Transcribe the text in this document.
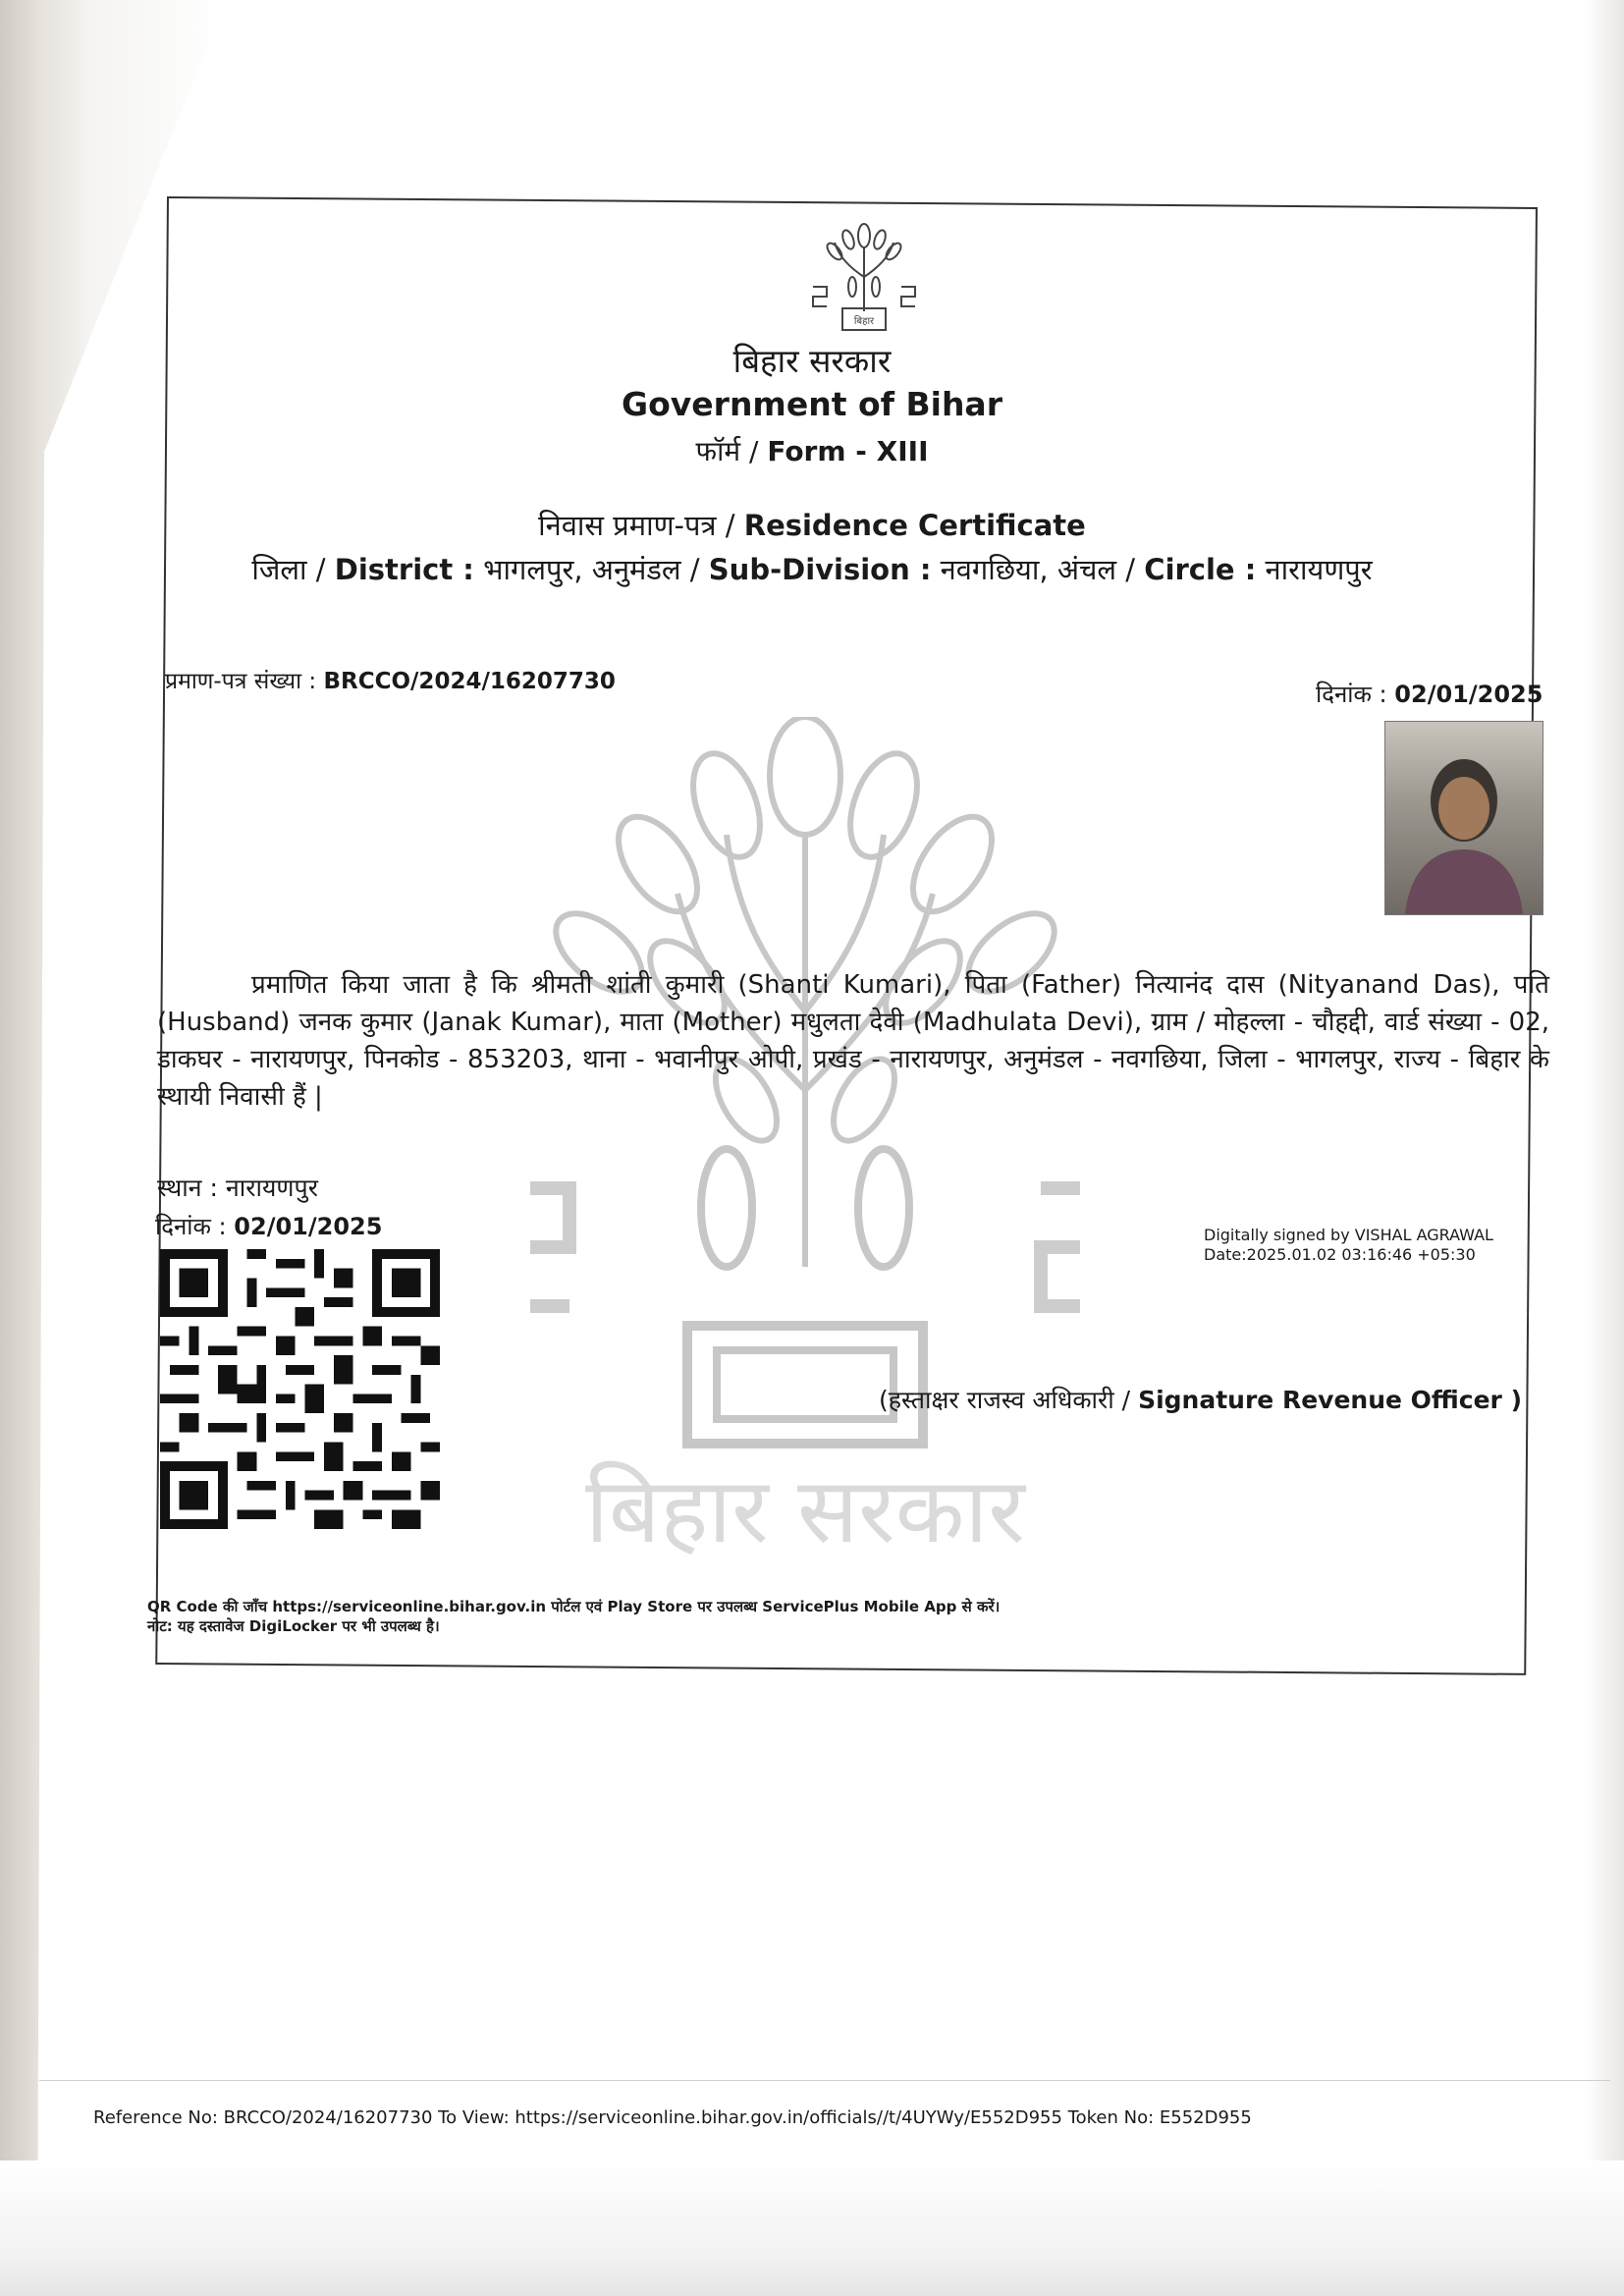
बिहार सरकार
बिहार
बिहार सरकार
Government of Bihar
फॉर्म / Form - XIII
निवास प्रमाण-पत्र / Residence Certificate
जिला / District : भागलपुर, अनुमंडल / Sub-Division : नवगछिया, अंचल / Circle : नारायणपुर
प्रमाण-पत्र संख्या : BRCCO/2024/16207730	दिनांक : 02/01/2025
प्रमाणित किया जाता है कि श्रीमती शांती कुमारी (Shanti Kumari), पिता (Father) नित्यानंद दास (Nityanand Das), पति (Husband) जनक कुमार (Janak Kumar), माता (Mother) मधुलता देवी (Madhulata Devi), ग्राम / मोहल्ला - चौहद्दी, वार्ड संख्या - 02, डाकघर - नारायणपुर, पिनकोड - 853203, थाना - भवानीपुर ओपी, प्रखंड - नारायणपुर, अनुमंडल - नवगछिया, जिला - भागलपुर, राज्य - बिहार के स्थायी निवासी हैं |
स्थान : नारायणपुर
दिनांक : 02/01/2025	Digitally signed by VISHAL AGRAWAL
Date:2025.01.02 03:16:46 +05:30
(हस्ताक्षर राजस्व अधिकारी / Signature Revenue Officer )
QR Code की जाँच https://serviceonline.bihar.gov.in पोर्टल एवं Play Store पर उपलब्ध ServicePlus Mobile App से करें।
नोट: यह दस्तावेज DigiLocker पर भी उपलब्ध है।
Reference No: BRCCO/2024/16207730 To View: https://serviceonline.bihar.gov.in/officials//t/4UYWy/E552D955 Token No: E552D955
